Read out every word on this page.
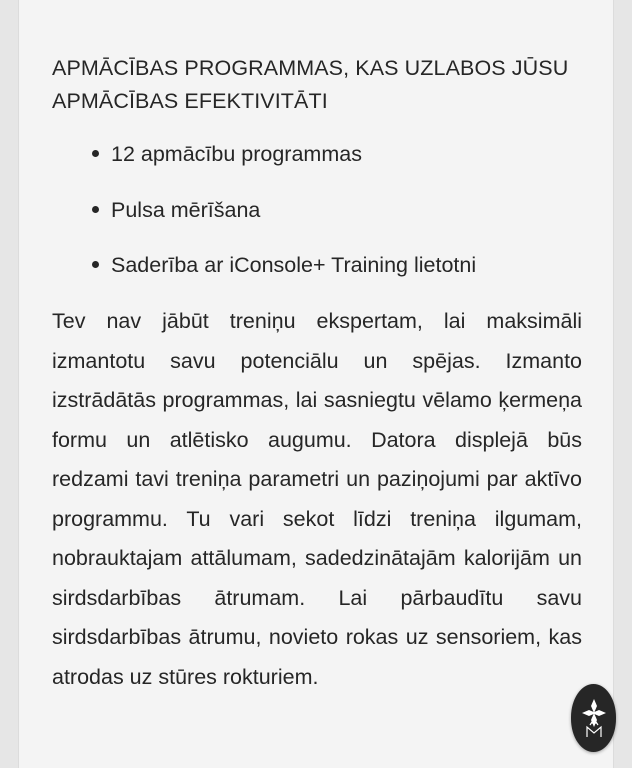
APMĀCĪBAS PROGRAMMAS, KAS UZLABOS JŪSU APMĀCĪBAS EFEKTIVITĀTI
12 apmācību programmas
Pulsa mērīšana
Saderība ar iConsole+ Training lietotni

Tev nav jābūt treniņu ekspertam, lai maksimāli izmantotu savu potenciālu un spējas. Izmanto izstrādātās programmas, lai sasniegtu vēlamo ķermeņa formu un atlētisko augumu. Datora displejā būs redzami tavi treniņa parametri un paziņojumi par aktīvo programmu. Tu vari sekot līdzi treniņa ilgumam, nobrauktajam attālumam, sadedzinātajām kalorijām un sirdsdarbības ātrumam. Lai pārbaudītu savu sirdsdarbības ātrumu, novieto rokas uz sensoriem, kas atrodas uz stūres rokturiem.
